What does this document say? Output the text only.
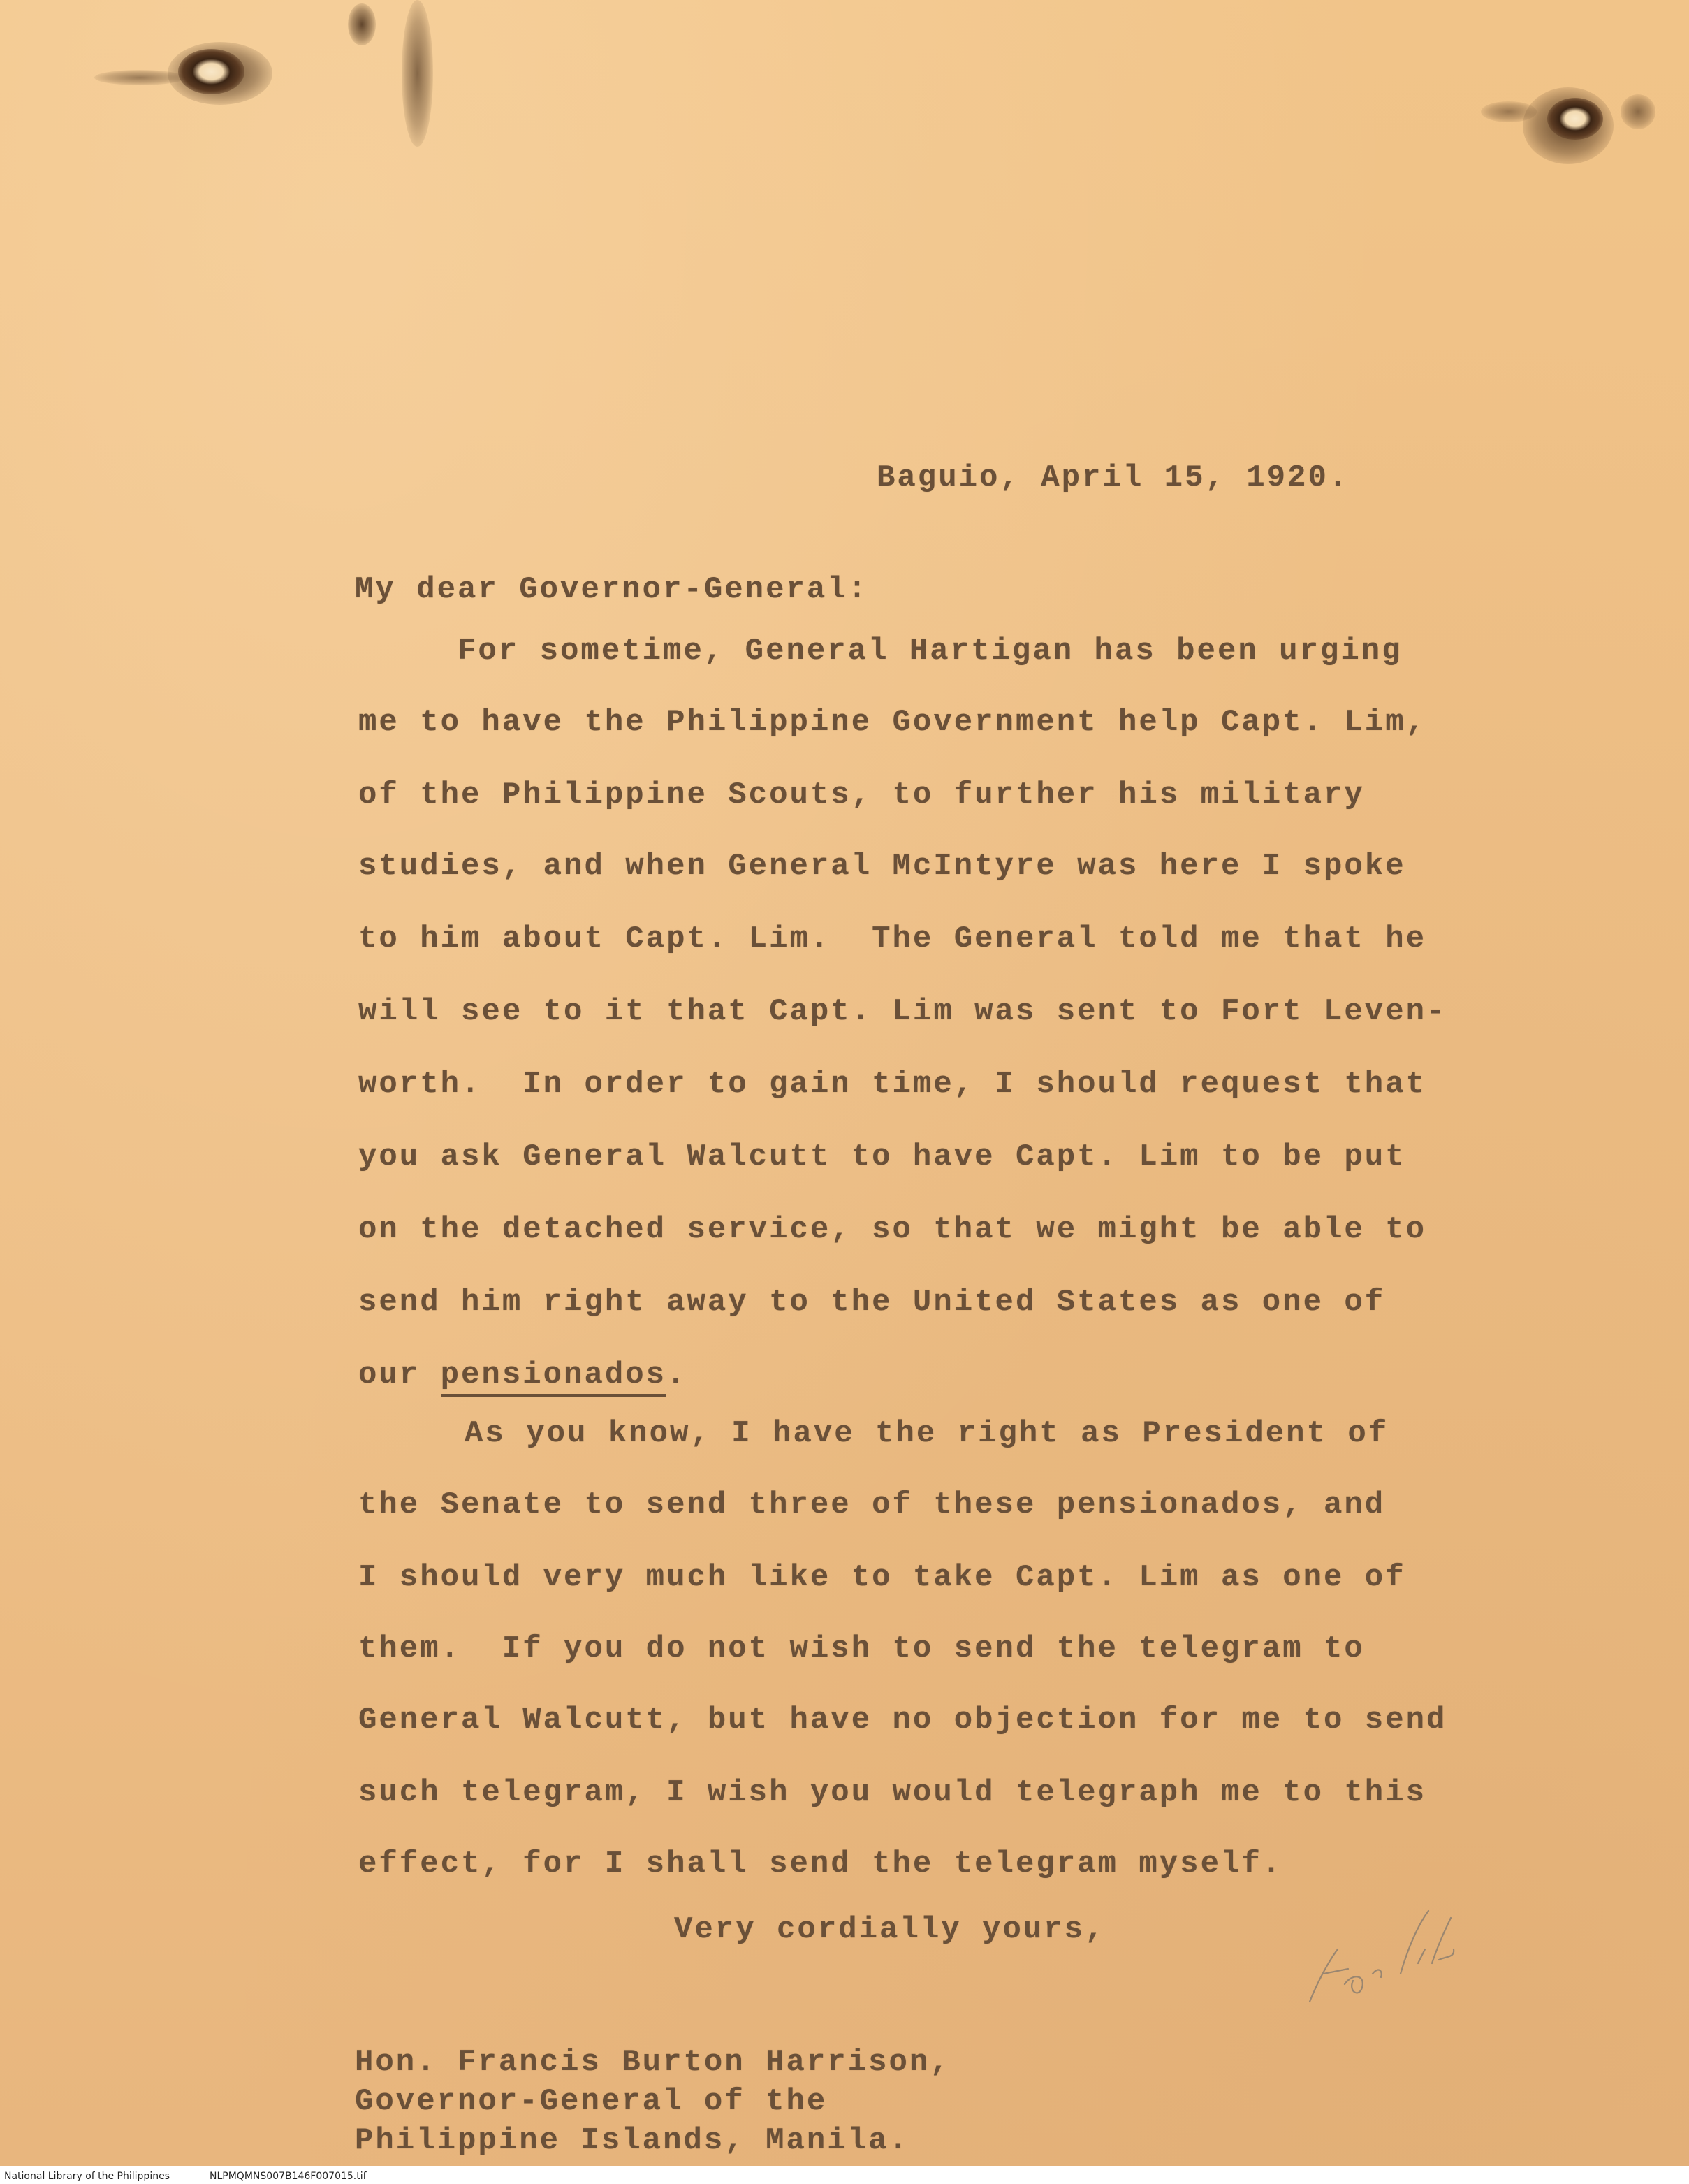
Baguio, April 15, 1920.
My dear Governor-General:
For sometime, General Hartigan has been urging
me to have the Philippine Government help Capt. Lim,
of the Philippine Scouts, to further his military
studies, and when General McIntyre was here I spoke
to him about Capt. Lim.  The General told me that he
will see to it that Capt. Lim was sent to Fort Leven-
worth.  In order to gain time, I should request that
you ask General Walcutt to have Capt. Lim to be put
on the detached service, so that we might be able to
send him right away to the United States as one of
our pensionados.
As you know, I have the right as President of
the Senate to send three of these pensionados, and
I should very much like to take Capt. Lim as one of
them.  If you do not wish to send the telegram to
General Walcutt, but have no objection for me to send
such telegram, I wish you would telegraph me to this
effect, for I shall send the telegram myself.
Very cordially yours,
Hon. Francis Burton Harrison,
Governor-General of the
Philippine Islands, Manila.
National Library of the Philippines	NLPMQMNS007B146F007015.tif
